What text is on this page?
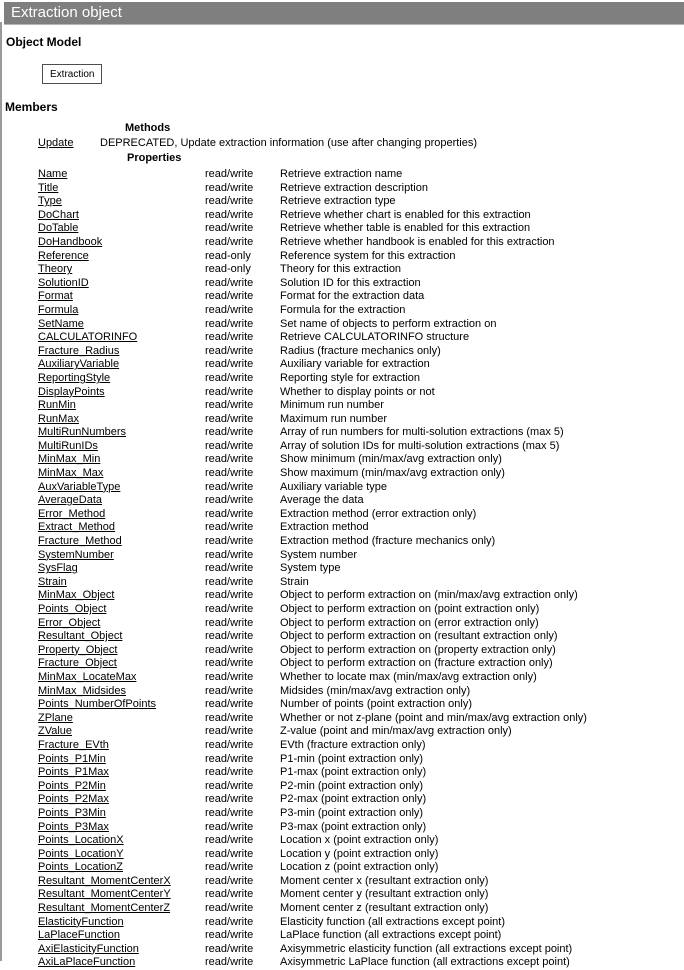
Extraction object
Object Model
Extraction
Members
Methods
Update	DEPRECATED, Update extraction information (use after changing properties)
Properties
Name	read/write	Retrieve extraction name
Title	read/write	Retrieve extraction description
Type	read/write	Retrieve extraction type
DoChart	read/write	Retrieve whether chart is enabled for this extraction
DoTable	read/write	Retrieve whether table is enabled for this extraction
DoHandbook	read/write	Retrieve whether handbook is enabled for this extraction
Reference	read-only	Reference system for this extraction
Theory	read-only	Theory for this extraction
SolutionID	read/write	Solution ID for this extraction
Format	read/write	Format for the extraction data
Formula	read/write	Formula for the extraction
SetName	read/write	Set name of objects to perform extraction on
CALCULATORINFO	read/write	Retrieve CALCULATORINFO structure
Fracture_Radius	read/write	Radius (fracture mechanics only)
AuxiliaryVariable	read/write	Auxiliary variable for extraction
ReportingStyle	read/write	Reporting style for extraction
DisplayPoints	read/write	Whether to display points or not
RunMin	read/write	Minimum run number
RunMax	read/write	Maximum run number
MultiRunNumbers	read/write	Array of run numbers for multi-solution extractions (max 5)
MultiRunIDs	read/write	Array of solution IDs for multi-solution extractions (max 5)
MinMax_Min	read/write	Show minimum (min/max/avg extraction only)
MinMax_Max	read/write	Show maximum (min/max/avg extraction only)
AuxVariableType	read/write	Auxiliary variable type
AverageData	read/write	Average the data
Error_Method	read/write	Extraction method (error extraction only)
Extract_Method	read/write	Extraction method
Fracture_Method	read/write	Extraction method (fracture mechanics only)
SystemNumber	read/write	System number
SysFlag	read/write	System type
Strain	read/write	Strain
MinMax_Object	read/write	Object to perform extraction on (min/max/avg extraction only)
Points_Object	read/write	Object to perform extraction on (point extraction only)
Error_Object	read/write	Object to perform extraction on (error extraction only)
Resultant_Object	read/write	Object to perform extraction on (resultant extraction only)
Property_Object	read/write	Object to perform extraction on (property extraction only)
Fracture_Object	read/write	Object to perform extraction on (fracture extraction only)
MinMax_LocateMax	read/write	Whether to locate max (min/max/avg extraction only)
MinMax_Midsides	read/write	Midsides (min/max/avg extraction only)
Points_NumberOfPoints	read/write	Number of points (point extraction only)
ZPlane	read/write	Whether or not z-plane (point and min/max/avg extraction only)
ZValue	read/write	Z-value (point and min/max/avg extraction only)
Fracture_EVth	read/write	EVth (fracture extraction only)
Points_P1Min	read/write	P1-min (point extraction only)
Points_P1Max	read/write	P1-max (point extraction only)
Points_P2Min	read/write	P2-min (point extraction only)
Points_P2Max	read/write	P2-max (point extraction only)
Points_P3Min	read/write	P3-min (point extraction only)
Points_P3Max	read/write	P3-max (point extraction only)
Points_LocationX	read/write	Location x (point extraction only)
Points_LocationY	read/write	Location y (point extraction only)
Points_LocationZ	read/write	Location z (point extraction only)
Resultant_MomentCenterX	read/write	Moment center x (resultant extraction only)
Resultant_MomentCenterY	read/write	Moment center y (resultant extraction only)
Resultant_MomentCenterZ	read/write	Moment center z (resultant extraction only)
ElasticityFunction	read/write	Elasticity function (all extractions except point)
LaPlaceFunction	read/write	LaPlace function (all extractions except point)
AxiElasticityFunction	read/write	Axisymmetric elasticity function (all extractions except point)
AxiLaPlaceFunction	read/write	Axisymmetric LaPlace function (all extractions except point)
